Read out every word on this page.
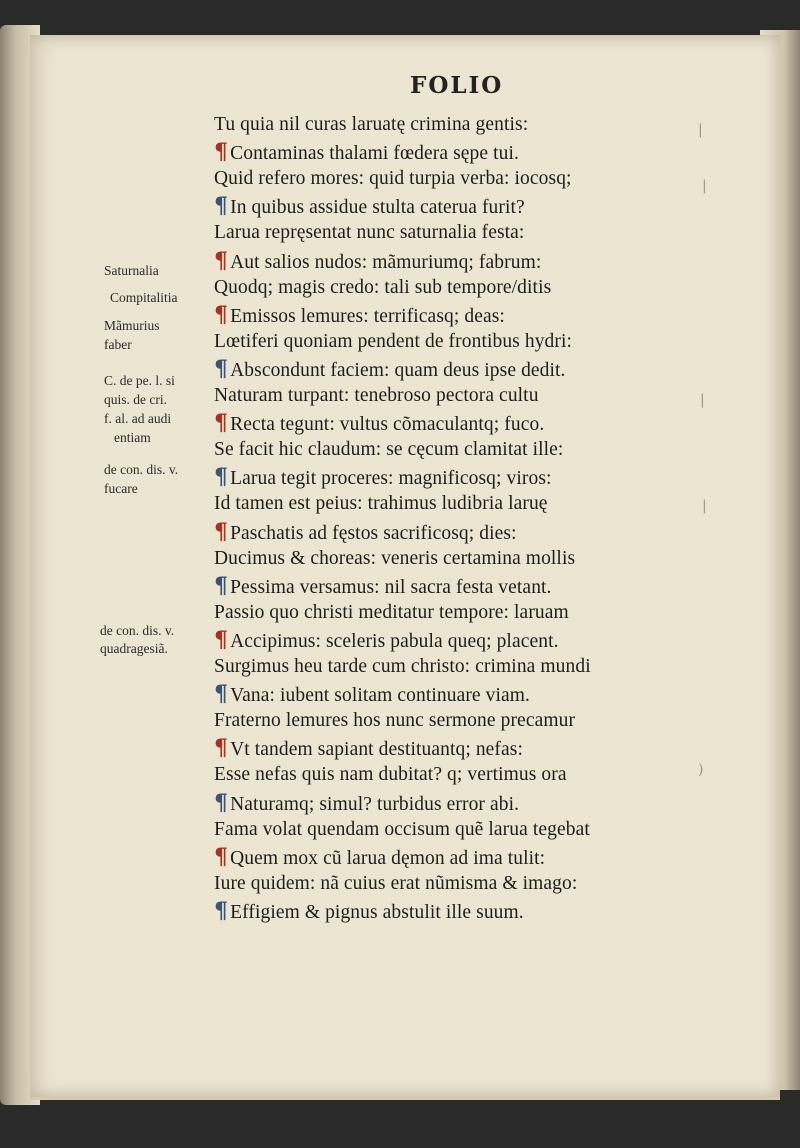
FOLIO
Tu quia nil curas laruatę crimina gentis:
¶ Contaminas thalami fœdera sępe tui.
Quid refero mores: quid turpia verba: iocosq;
¶ In quibus assidue stulta caterua furit?
Larua repręsentat nunc saturnalia festa:
¶ Aut salios nudos: mãmuriumq; fabrum:
Quodq; magis credo: tali sub tempore/ditis
¶ Emissos lemures: terrificasq; deas:
Lœtiferi quoniam pendent de frontibus hydri:
¶ Abscondunt faciem: quam deus ipse dedit.
Naturam turpant: tenebroso pectora cultu
¶ Recta tegunt: vultus cõmaculantq; fuco.
Se facit hic claudum: se cęcum clamitat ille:
¶ Larua tegit proceres: magnificosq; viros:
Id tamen est peius: trahimus ludibria laruę
¶ Paschatis ad fęstos sacrificosq; dies:
Ducimus & choreas: veneris certamina mollis
¶ Pessima versamus: nil sacra festa vetant.
Passio quo christi meditatur tempore: laruam
¶ Accipimus: sceleris pabula queq; placent.
Surgimus heu tarde cum christo: crimina mundi
¶ Vana: iubent solitam continuare viam.
Fraterno lemures hos nunc sermone precamur
¶ Vt tandem sapiant destituantq; nefas:
Esse nefas quis nam dubitat? q; vertimus ora
¶ Naturamq; simul? turbidus error abi.
Fama volat quendam occisum quẽ larua tegebat
¶ Quem mox cũ larua dęmon ad ima tulit:
Iure quidem: nã cuius erat nũmisma & imago:
¶ Effigiem & pignus abstulit ille suum.
Saturnalia
Compitalitia
Mãmurius
faber
C. de pe. l. si
quis. de cri.
f. al. ad audi
entiam
de con. dis. v.
fucare
de con. dis. v.
quadragesiã.
|
|
|
|
)
